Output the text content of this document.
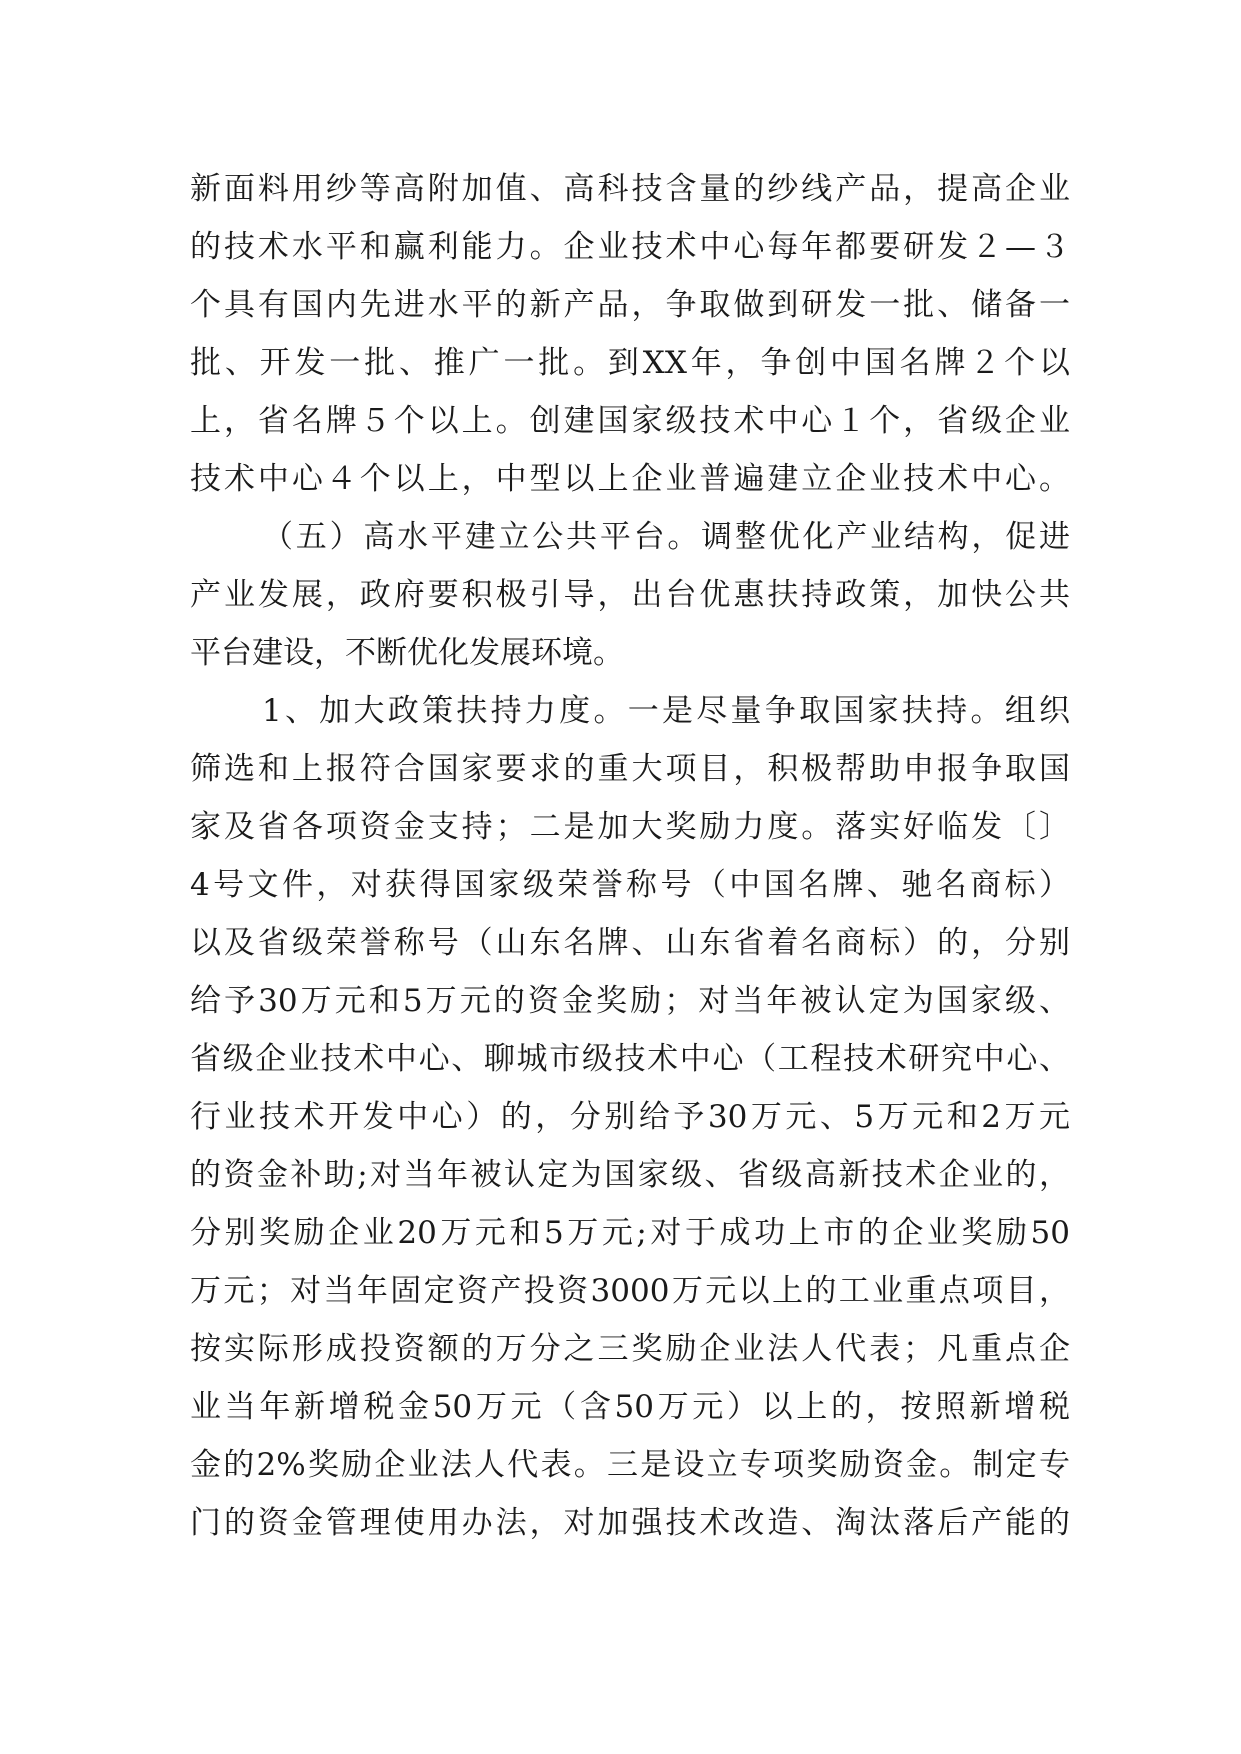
新面料用纱等高附加值、高科技含量的纱线产品，提高企业
的技术水平和赢利能力。企业技术中心每年都要研发２—３
个具有国内先进水平的新产品，争取做到研发一批、储备一
批、开发一批、推广一批。到XX年，争创中国名牌２个以
上，省名牌５个以上。创建国家级技术中心１个，省级企业
技术中心４个以上，中型以上企业普遍建立企业技术中心。
（五）高水平建立公共平台。调整优化产业结构，促进
产业发展，政府要积极引导，出台优惠扶持政策，加快公共
平台建设，不断优化发展环境。
1、加大政策扶持力度。一是尽量争取国家扶持。组织
筛选和上报符合国家要求的重大项目，积极帮助申报争取国
家及省各项资金支持；二是加大奖励力度。落实好临发〔〕
4号文件，对获得国家级荣誉称号（中国名牌、驰名商标）
以及省级荣誉称号（山东名牌、山东省着名商标）的，分别
给予30万元和5万元的资金奖励；对当年被认定为国家级、
省级企业技术中心、聊城市级技术中心（工程技术研究中心、
行业技术开发中心）的，分别给予30万元、5万元和2万元
的资金补助;对当年被认定为国家级、省级高新技术企业的，
分别奖励企业20万元和5万元;对于成功上市的企业奖励50
万元；对当年固定资产投资3000万元以上的工业重点项目，
按实际形成投资额的万分之三奖励企业法人代表；凡重点企
业当年新增税金50万元（含50万元）以上的，按照新增税
金的2%奖励企业法人代表。三是设立专项奖励资金。制定专
门的资金管理使用办法，对加强技术改造、淘汰落后产能的
